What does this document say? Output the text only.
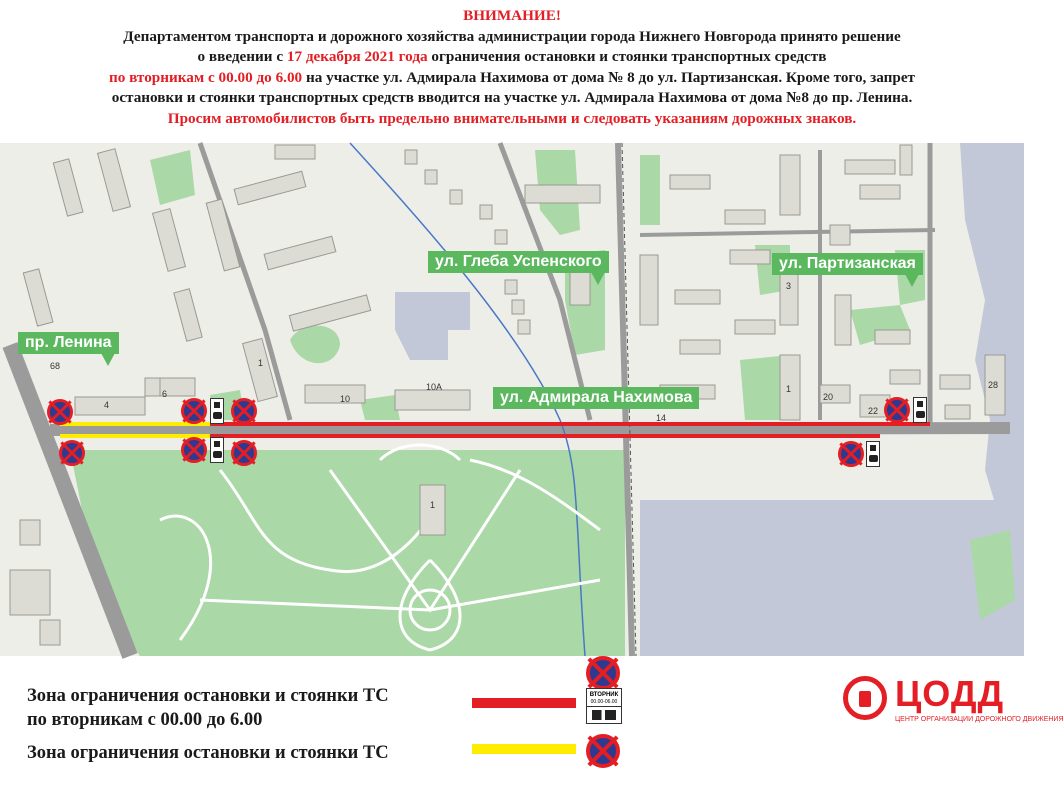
ВНИМАНИЕ!
Департаментом транспорта и дорожного хозяйства администрации города Нижнего Новгорода принято решение
о введении с 17 декабря 2021 года ограничения остановки и стоянки транспортных средств
по вторникам с 00.00 до 6.00 на участке ул. Адмирала Нахимова от дома № 8 до ул. Партизанская. Кроме того, запрет
остановки и стоянки транспортных средств вводится на участке ул. Адмирала Нахимова от дома №8 до пр. Ленина.
Просим автомобилистов быть предельно внимательными и следовать указаниям дорожных знаков.
пр. Ленина
ул. Глеба Успенского	ул. Партизанская
ул. Адмирала Нахимова
68
4
6
1
10
10А
14
3
1
20
22
28
1
Зона ограничения остановки и стоянки ТС
по вторникам с 00.00 до 6.00
ВТОРНИК
00.00-06.00
Зона ограничения остановки и стоянки ТС
ЦОДД
ЦЕНТР ОРГАНИЗАЦИИ ДОРОЖНОГО ДВИЖЕНИЯ
